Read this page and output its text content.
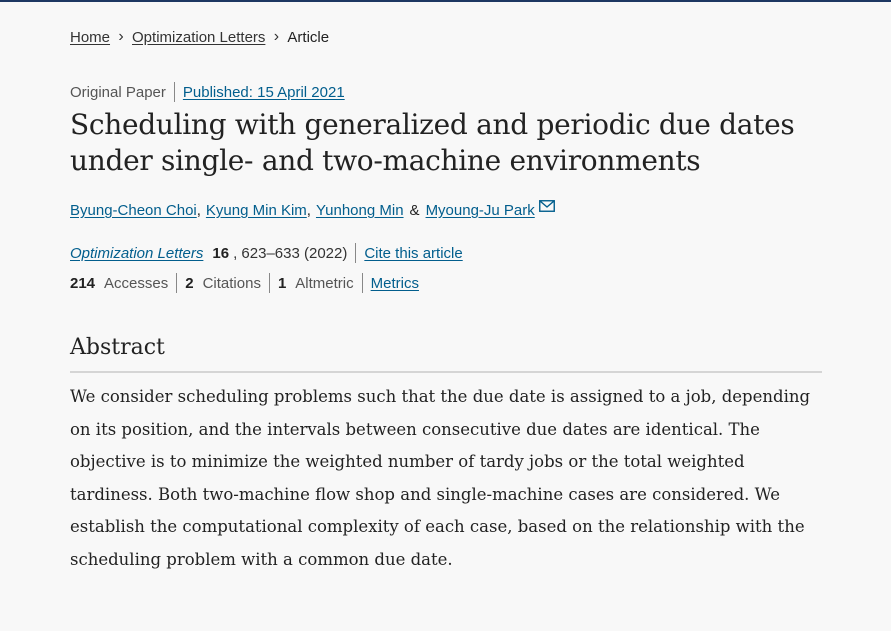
Home › Optimization Letters › Article
Original Paper Published: 15 April 2021
Scheduling with generalized and periodic due dates under single- and two-machine environments
Byung-Cheon Choi , Kyung Min Kim , Yunhong Min & Myoung-Ju Park
Optimization Letters 16 , 623–633 (2022) Cite this article
214 Accesses 2 Citations 1 Altmetric Metrics
Abstract

We consider scheduling problems such that the due date is assigned to a job, depending on its position, and the intervals between consecutive due dates are identical. The objective is to minimize the weighted number of tardy jobs or the total weighted tardiness. Both two-machine flow shop and single-machine cases are considered. We establish the computational complexity of each case, based on the relationship with the scheduling problem with a common due date.
